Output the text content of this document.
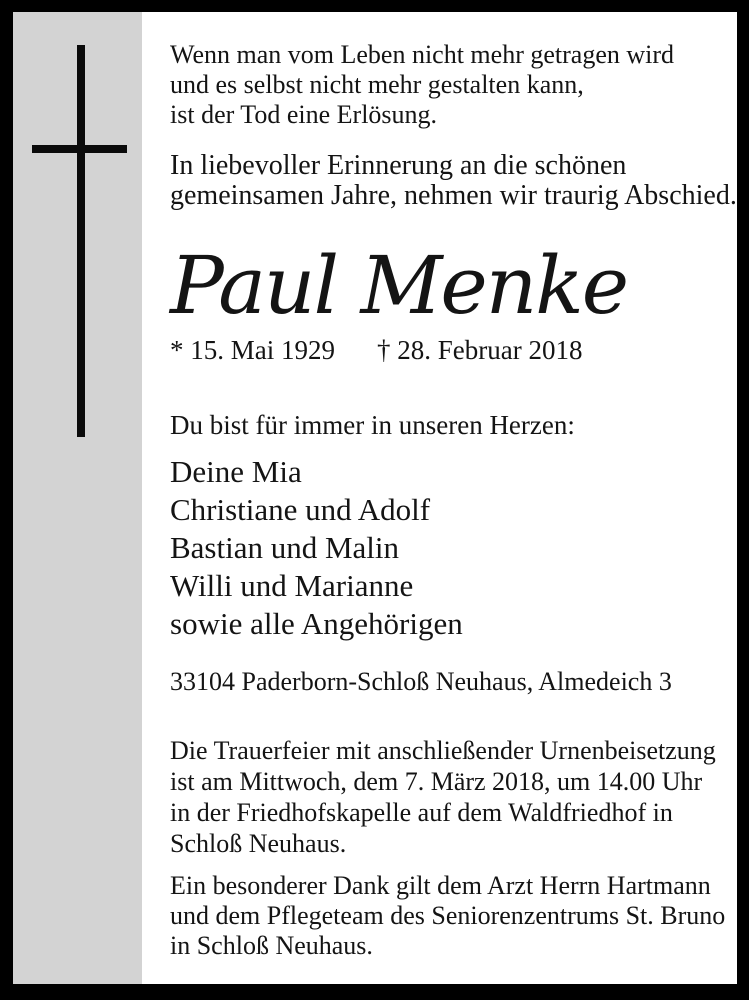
Wenn man vom Leben nicht mehr getragen wird
und es selbst nicht mehr gestalten kann,
ist der Tod eine Erlösung.
In liebevoller Erinnerung an die schönen
gemeinsamen Jahre, nehmen wir traurig Abschied.
Paul Menke
* 15. Mai 1929 † 28. Februar 2018
Du bist für immer in unseren Herzen:
Deine Mia
Christiane und Adolf
Bastian und Malin
Willi und Marianne
sowie alle Angehörigen
33104 Paderborn-Schloß Neuhaus, Almedeich 3
Die Trauerfeier mit anschließender Urnenbeisetzung
ist am Mittwoch, dem 7. März 2018, um 14.00 Uhr
in der Friedhofskapelle auf dem Waldfriedhof in
Schloß Neuhaus.
Ein besonderer Dank gilt dem Arzt Herrn Hartmann
und dem Pflegeteam des Seniorenzentrums St. Bruno
in Schloß Neuhaus.
